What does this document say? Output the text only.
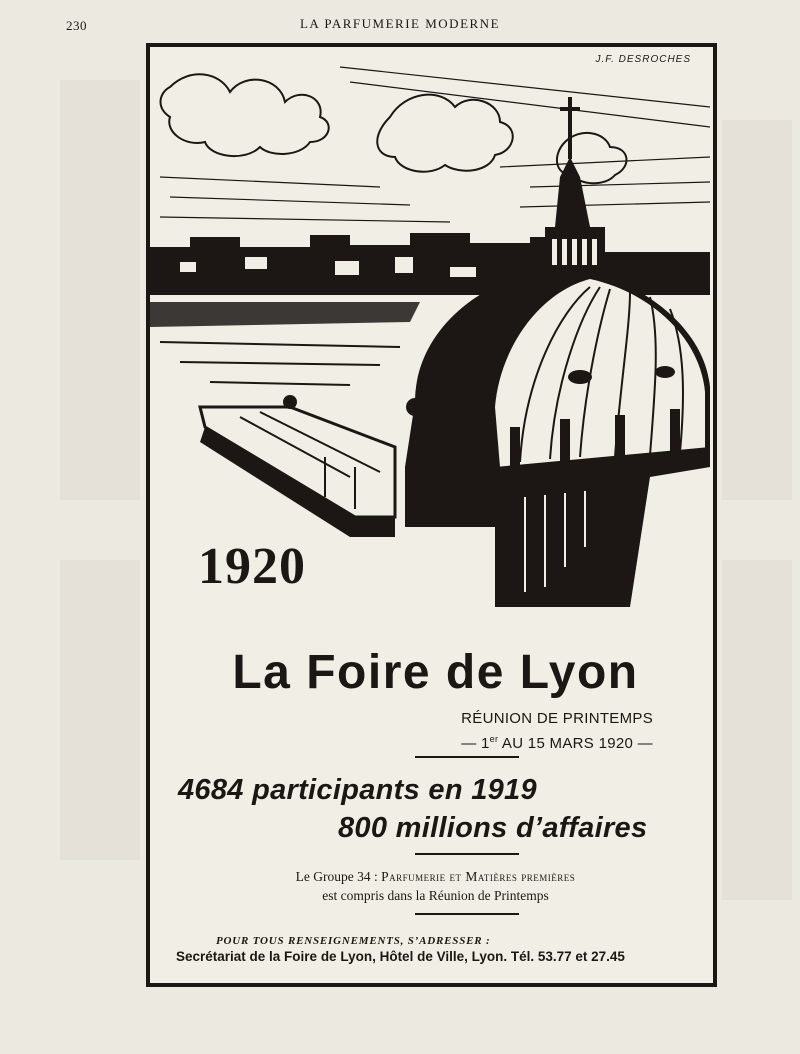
230	LA PARFUMERIE MODERNE
J.F. DESROCHES
1920
La Foire de Lyon
RÉUNION DE PRINTEMPS
— 1er AU 15 MARS 1920 —
4684 participants en 1919
800 millions d’affaires
Le Groupe 34 : Parfumerie et Matières premières
est compris dans la Réunion de Printemps
POUR TOUS RENSEIGNEMENTS, S’ADRESSER :
Secrétariat de la Foire de Lyon, Hôtel de Ville, Lyon. Tél. 53.77 et 27.45
